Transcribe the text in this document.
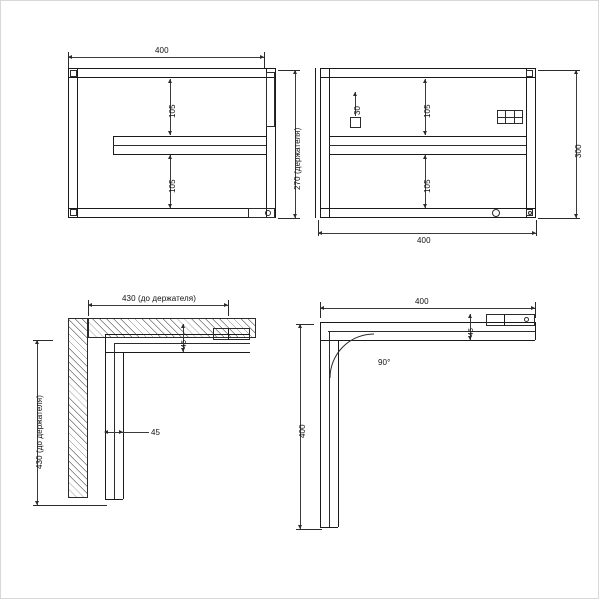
400
105
105	270 (держателя)
30	105
105
300
400
430 (до держателя)
45
45
430 (до держателя)
400
45
90°
400
